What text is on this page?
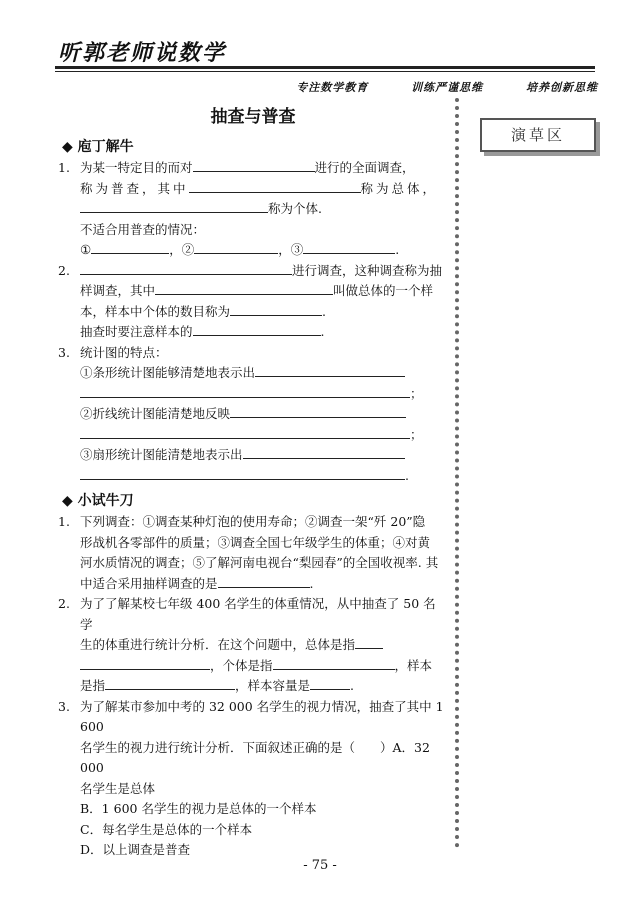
听郭老师说数学
专注数学教育	训练严谨思维	培养创新思维
演草区
抽查与普查
◆ 庖丁解牛
1. 为某一特定目的而对	进行的全面调查，
称为普查，其中	称为总体，
称为个体.
不适合用普查的情况：
①	，②	，③	.
2.	进行调查，这种调查称为抽
样调查，其中	叫做总体的一个样
本，样本中个体的数目称为	.
抽查时要注意样本的	.
3. 统计图的特点：
①条形统计图能够清楚地表示出
；
②折线统计图能清楚地反映
；
③扇形统计图能清楚地表示出
.
◆ 小试牛刀
1. 下列调查：①调查某种灯泡的使用寿命；②调查一架“歼 20”隐
形战机各零部件的质量；③调查全国七年级学生的体重；④对黄
河水质情况的调查；⑤了解河南电视台“梨园春”的全国收视率. 其
中适合采用抽样调查的是	.
2. 为了了解某校七年级 400 名学生的体重情况，从中抽查了 50 名学
生的体重进行统计分析．在这个问题中，总体是指
，个体是指	，样本
是指	，样本容量是	.
3. 为了解某市参加中考的 32 000 名学生的视力情况，抽查了其中 1 600
名学生的视力进行统计分析．下面叙述正确的是（　　）A．32 000
名学生是总体
B．1 600 名学生的视力是总体的一个样本
C．每名学生是总体的一个样本
D．以上调查是普查
- 75 -
